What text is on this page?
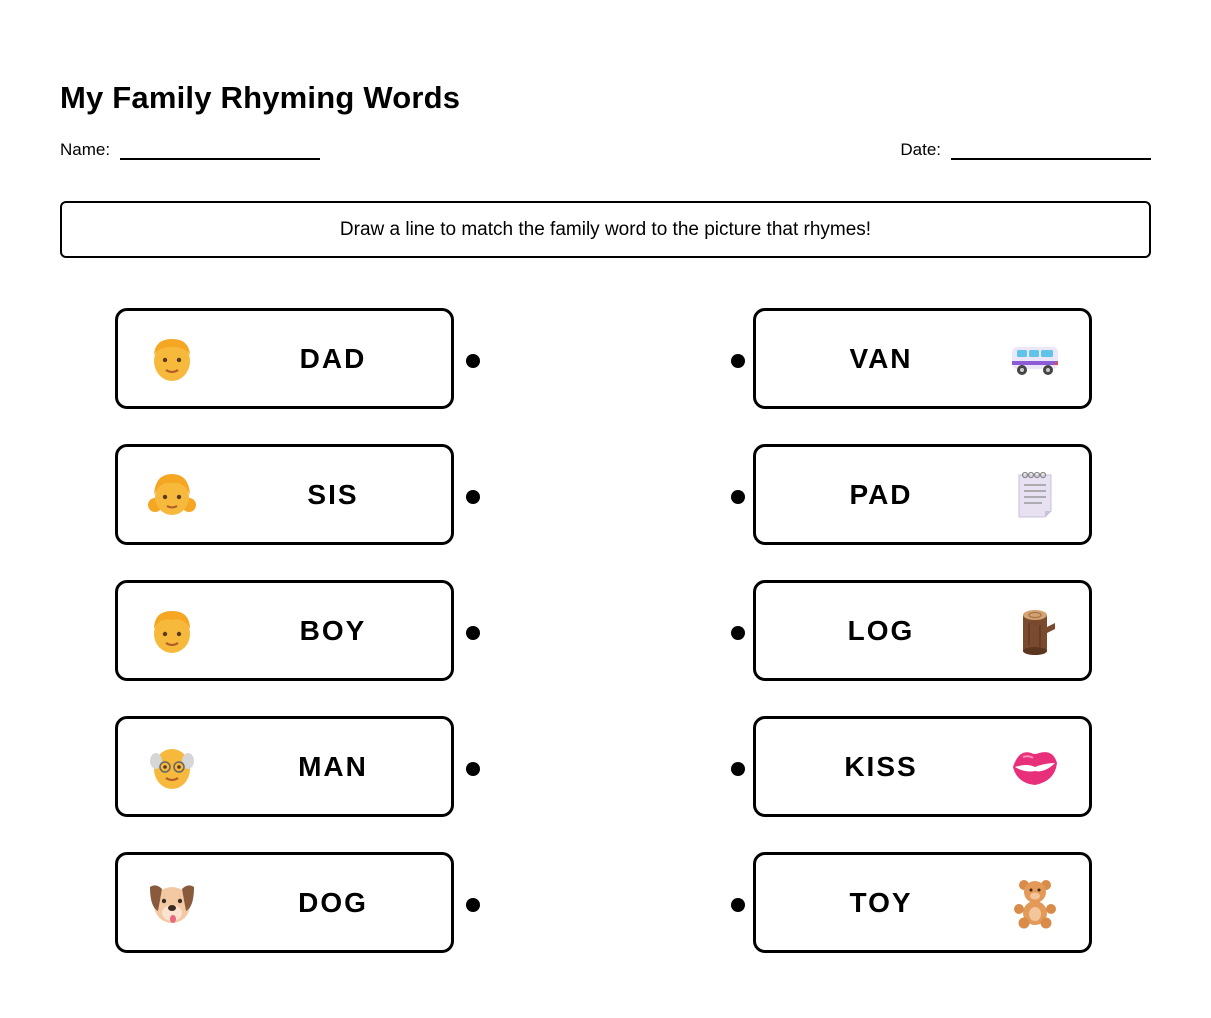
My Family Rhyming Words
Name:	Date:
Draw a line to match the family word to the picture that rhymes!
DAD
SIS
BOY
MAN
DOG
VAN
PAD
LOG
KISS
TOY
